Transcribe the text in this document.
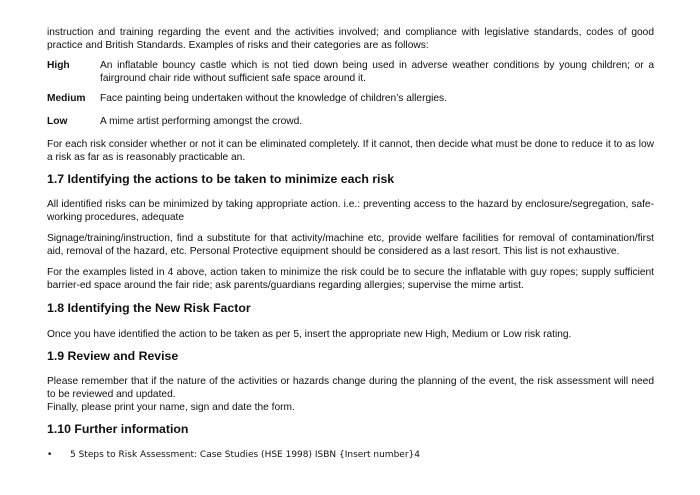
instruction and training regarding the event and the activities involved; and compliance with legislative standards, codes of good practice and British Standards. Examples of risks and their categories are as follows:

High	An inflatable bouncy castle which is not tied down being used in adverse weather conditions by young children; or a fairground chair ride without sufficient safe space around it.
Medium	Face painting being undertaken without the knowledge of children’s allergies.
Low	A mime artist performing amongst the crowd.

For each risk consider whether or not it can be eliminated completely. If it cannot, then decide what must be done to reduce it to as low a risk as far as is reasonably practicable an.

1.7 Identifying the actions to be taken to minimize each risk

All identified risks can be minimized by taking appropriate action. i.e.: preventing access to the hazard by enclosure/segregation, safe-working procedures, adequate

Signage/training/instruction, find a substitute for that activity/machine etc, provide welfare facilities for removal of contamination/first aid, removal of the hazard, etc. Personal Protective equipment should be considered as a last resort. This list is not exhaustive.

For the examples listed in 4 above, action taken to minimize the risk could be to secure the inflatable with guy ropes; supply sufficient barrier-ed space around the fair ride; ask parents/guardians regarding allergies; supervise the mime artist.

1.8 Identifying the New Risk Factor

Once you have identified the action to be taken as per 5, insert the appropriate new High, Medium or Low risk rating.

1.9 Review and Revise

Please remember that if the nature of the activities or hazards change during the planning of the event, the risk assessment will need to be reviewed and updated.

Finally, please print your name, sign and date the form.

1.10 Further information
•	5 Steps to Risk Assessment: Case Studies (HSE 1998) ISBN {Insert number}4
